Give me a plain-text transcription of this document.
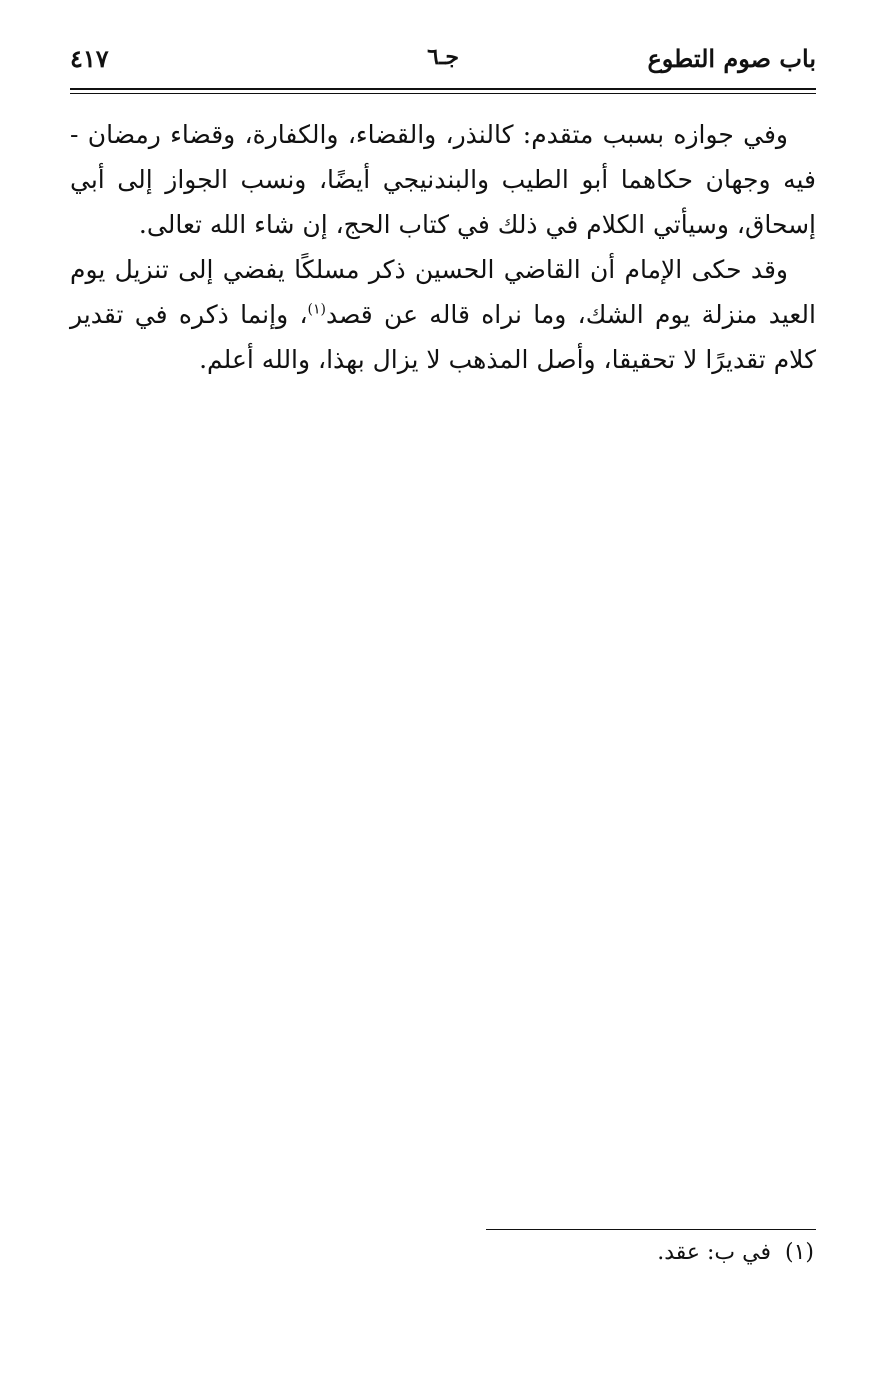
باب صوم التطوع
جـ٦
٤١٧

وفي جوازه بسبب متقدم: كالنذر، والقضاء، والكفارة، وقضاء رمضان - فيه وجهان حكاهما أبو الطيب والبندنيجي أيضًا، ونسب الجواز إلى أبي إسحاق، وسيأتي الكلام في ذلك في كتاب الحج، إن شاء الله تعالى.

وقد حكى الإمام أن القاضي الحسين ذكر مسلكًا يفضي إلى تنزيل يوم العيد منزلة يوم الشك، وما نراه قاله عن قصد$^{(١)}$، وإنما ذكره في تقدير كلام تقديرًا لا تحقيقا، وأصل المذهب لا يزال بهذا، والله أعلم.

(١)في ب: عقد.
